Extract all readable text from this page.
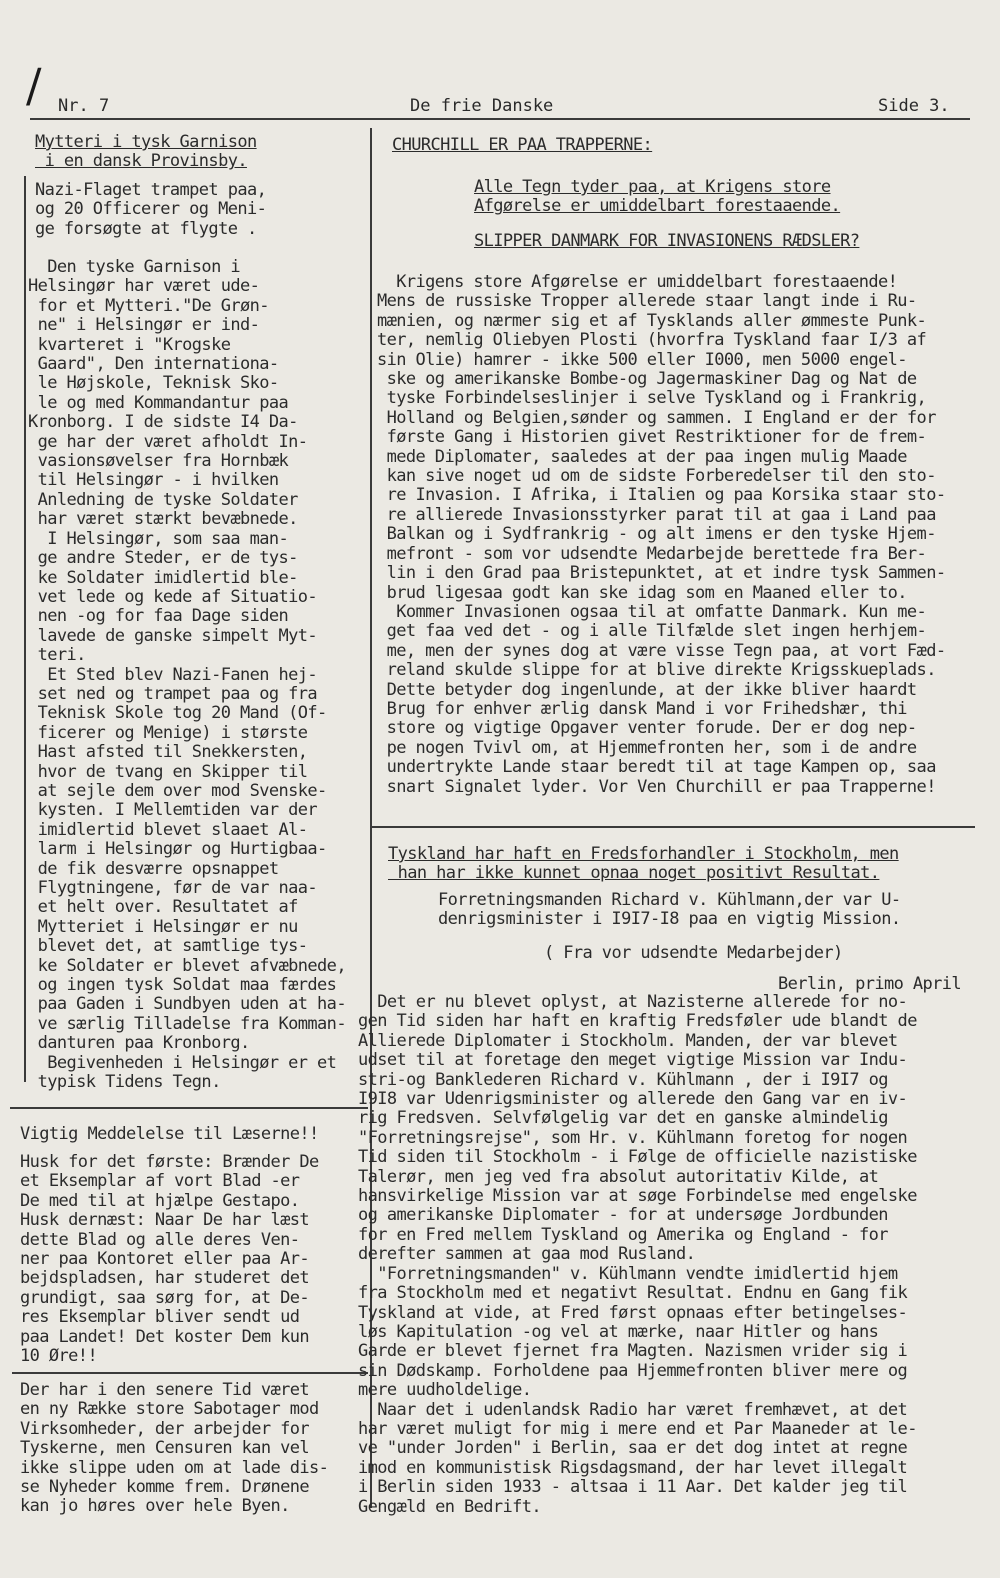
/ Nr. 7	De frie Danske	Side 3.
Mytteri i tysk Garnison
i en dansk Provinsby.
Nazi-Flaget trampet paa,
og 20 Officerer og Meni-
ge forsøgte at flygte .
Den tyske Garnison i
Helsingør har været ude-
for et Mytteri."De Grøn-
ne" i Helsingør er ind-
kvarteret i "Krogske
Gaard", Den internationa-
le Højskole, Teknisk Sko-
le og med Kommandantur paa
Kronborg. I de sidste I4 Da-
ge har der været afholdt In-
vasionsøvelser fra Hornbæk
til Helsingør - i hvilken
Anledning de tyske Soldater
har været stærkt bevæbnede.
I Helsingør, som saa man-
ge andre Steder, er de tys-
ke Soldater imidlertid ble-
vet lede og kede af Situatio-
nen -og for faa Dage siden
lavede de ganske simpelt Myt-
teri.
Et Sted blev Nazi-Fanen hej-
set ned og trampet paa og fra
Teknisk Skole tog 20 Mand (Of-
ficerer og Menige) i største
Hast afsted til Snekkersten,
hvor de tvang en Skipper til
at sejle dem over mod Svenske-
kysten. I Mellemtiden var der
imidlertid blevet slaaet Al-
larm i Helsingør og Hurtigbaa-
de fik desværre opsnappet
Flygtningene, før de var naa-
et helt over. Resultatet af
Mytteriet i Helsingør er nu
blevet det, at samtlige tys-
ke Soldater er blevet afvæbnede,
og ingen tysk Soldat maa færdes
paa Gaden i Sundbyen uden at ha-
ve særlig Tilladelse fra Komman-
danturen paa Kronborg.
Begivenheden i Helsingør er et
typisk Tidens Tegn.
Vigtig Meddelelse til Læserne!!
Husk for det første: Brænder De
et Eksemplar af vort Blad -er
De med til at hjælpe Gestapo.
Husk dernæst: Naar De har læst
dette Blad og alle deres Ven-
ner paa Kontoret eller paa Ar-
bejdspladsen, har studeret det
grundigt, saa sørg for, at De-
res Eksemplar bliver sendt ud
paa Landet! Det koster Dem kun
10 Øre!!
Der har i den senere Tid været
en ny Række store Sabotager mod
Virksomheder, der arbejder for
Tyskerne, men Censuren kan vel
ikke slippe uden om at lade dis-
se Nyheder komme frem. Drønene
kan jo høres over hele Byen.
CHURCHILL ER PAA TRAPPERNE:
Alle Tegn tyder paa, at Krigens store
Afgørelse er umiddelbart forestaaende.
SLIPPER DANMARK FOR INVASIONENS RÆDSLER?
Krigens store Afgørelse er umiddelbart forestaaende!
Mens de russiske Tropper allerede staar langt inde i Ru-
mænien, og nærmer sig et af Tysklands aller ømmeste Punk-
ter, nemlig Oliebyen Plosti (hvorfra Tyskland faar I/3 af
sin Olie) hamrer - ikke 500 eller I000, men 5000 engel-
ske og amerikanske Bombe-og Jagermaskiner Dag og Nat de
tyske Forbindelseslinjer i selve Tyskland og i Frankrig,
Holland og Belgien,sønder og sammen. I England er der for
første Gang i Historien givet Restriktioner for de frem-
mede Diplomater, saaledes at der paa ingen mulig Maade
kan sive noget ud om de sidste Forberedelser til den sto-
re Invasion. I Afrika, i Italien og paa Korsika staar sto-
re allierede Invasionsstyrker parat til at gaa i Land paa
Balkan og i Sydfrankrig - og alt imens er den tyske Hjem-
mefront - som vor udsendte Medarbejde berettede fra Ber-
lin i den Grad paa Bristepunktet, at et indre tysk Sammen-
brud ligesaa godt kan ske idag som en Maaned eller to.
Kommer Invasionen ogsaa til at omfatte Danmark. Kun me-
get faa ved det - og i alle Tilfælde slet ingen herhjem-
me, men der synes dog at være visse Tegn paa, at vort Fæd-
reland skulde slippe for at blive direkte Krigsskueplads.
Dette betyder dog ingenlunde, at der ikke bliver haardt
Brug for enhver ærlig dansk Mand i vor Frihedshær, thi
store og vigtige Opgaver venter forude. Der er dog nep-
pe nogen Tvivl om, at Hjemmefronten her, som i de andre
undertrykte Lande staar beredt til at tage Kampen op, saa
snart Signalet lyder. Vor Ven Churchill er paa Trapperne!
Tyskland har haft en Fredsforhandler i Stockholm, men
han har ikke kunnet opnaa noget positivt Resultat.
Forretningsmanden Richard v. Kühlmann,der var U-
denrigsminister i I9I7-I8 paa en vigtig Mission.
( Fra vor udsendte Medarbejder)
Berlin, primo April
Det er nu blevet oplyst, at Nazisterne allerede for no-
gen Tid siden har haft en kraftig Fredsføler ude blandt de
Allierede Diplomater i Stockholm. Manden, der var blevet
udset til at foretage den meget vigtige Mission var Indu-
stri-og Banklederen Richard v. Kühlmann , der i I9I7 og
I9I8 var Udenrigsminister og allerede den Gang var en iv-
rig Fredsven. Selvfølgelig var det en ganske almindelig
"Forretningsrejse", som Hr. v. Kühlmann foretog for nogen
Tid siden til Stockholm - i Følge de officielle nazistiske
Talerør, men jeg ved fra absolut autoritativ Kilde, at
hansvirkelige Mission var at søge Forbindelse med engelske
og amerikanske Diplomater - for at undersøge Jordbunden
for en Fred mellem Tyskland og Amerika og England - for
derefter sammen at gaa mod Rusland.
"Forretningsmanden" v. Kühlmann vendte imidlertid hjem
fra Stockholm med et negativt Resultat. Endnu en Gang fik
Tyskland at vide, at Fred først opnaas efter betingelses-
løs Kapitulation -og vel at mærke, naar Hitler og hans
Garde er blevet fjernet fra Magten. Nazismen vrider sig i
sin Dødskamp. Forholdene paa Hjemmefronten bliver mere og
mere uudholdelige.
Naar det i udenlandsk Radio har været fremhævet, at det
har været muligt for mig i mere end et Par Maaneder at le-
ve "under Jorden" i Berlin, saa er det dog intet at regne
imod en kommunistisk Rigsdagsmand, der har levet illegalt
i Berlin siden 1933 - altsaa i 11 Aar. Det kalder jeg til
Gengæld en Bedrift.
